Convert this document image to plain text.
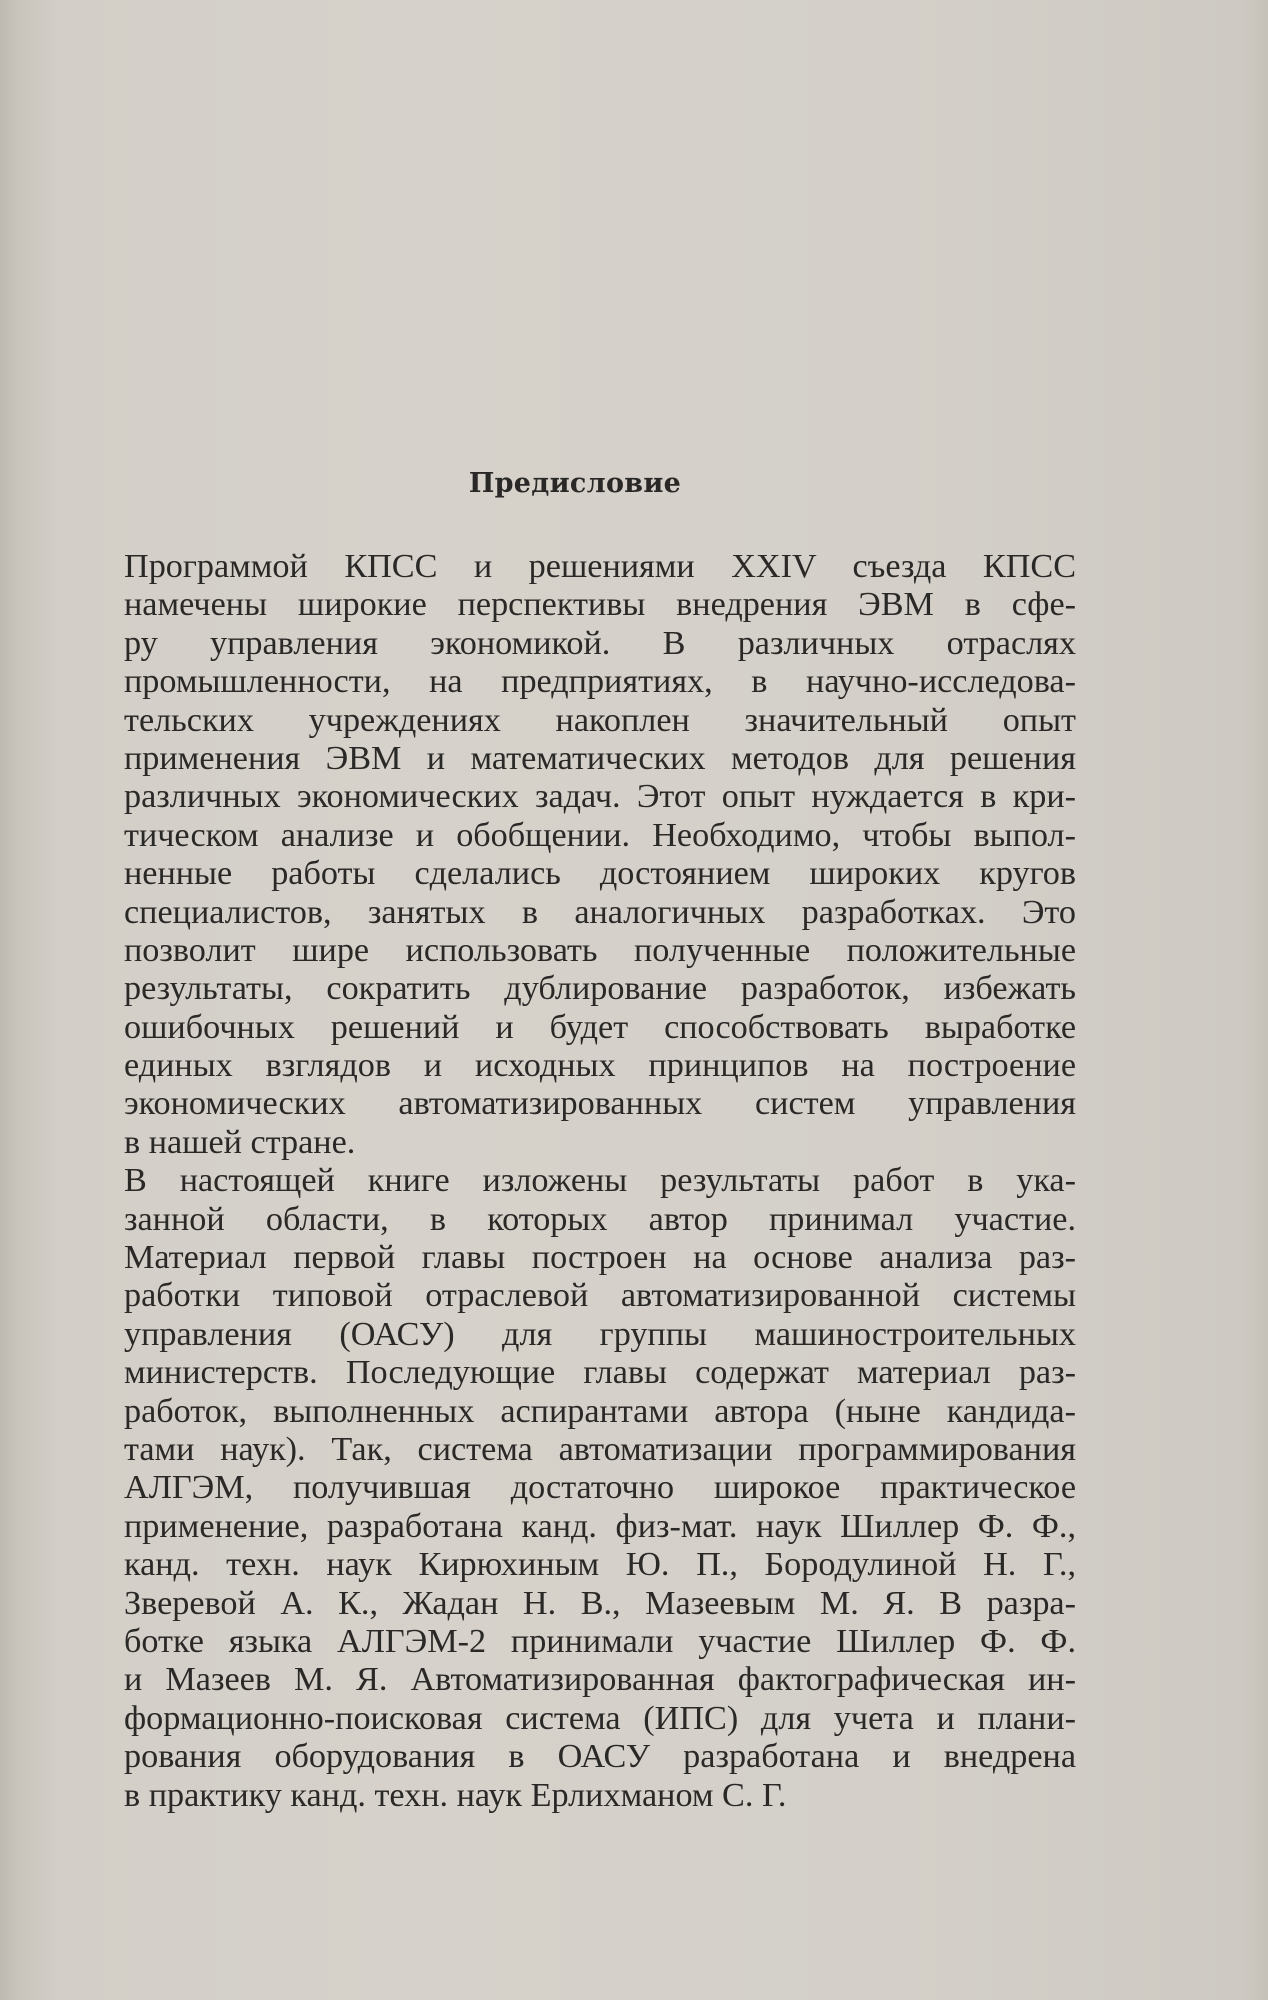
Предисловие
Программой КПСС и решениями XXIV съезда КПСС
намечены широкие перспективы внедрения ЭВМ в сфе-
ру управления экономикой. В различных отраслях
промышленности, на предприятиях, в научно-исследова-
тельских учреждениях накоплен значительный опыт
применения ЭВМ и математических методов для решения
различных экономических задач. Этот опыт нуждается в кри-
тическом анализе и обобщении. Необходимо, чтобы выпол-
ненные работы сделались достоянием широких кругов
специалистов, занятых в аналогичных разработках. Это
позволит шире использовать полученные положительные
результаты, сократить дублирование разработок, избежать
ошибочных решений и будет способствовать выработке
единых взглядов и исходных принципов на построение
экономических автоматизированных систем управления
в нашей стране.
В настоящей книге изложены результаты работ в ука-
занной области, в которых автор принимал участие.
Материал первой главы построен на основе анализа раз-
работки типовой отраслевой автоматизированной системы
управления (ОАСУ) для группы машиностроительных
министерств. Последующие главы содержат материал раз-
работок, выполненных аспирантами автора (ныне кандида-
тами наук). Так, система автоматизации программирования
АЛГЭМ, получившая достаточно широкое практическое
применение, разработана канд. физ-мат. наук Шиллер Ф. Ф.,
канд. техн. наук Кирюхиным Ю. П., Бородулиной Н. Г.,
Зверевой А. К., Жадан Н. В., Мазеевым М. Я. В разра-
ботке языка АЛГЭМ-2 принимали участие Шиллер Ф. Ф.
и Мазеев М. Я. Автоматизированная фактографическая ин-
формационно-поисковая система (ИПС) для учета и плани-
рования оборудования в ОАСУ разработана и внедрена
в практику канд. техн. наук Ерлихманом С. Г.
